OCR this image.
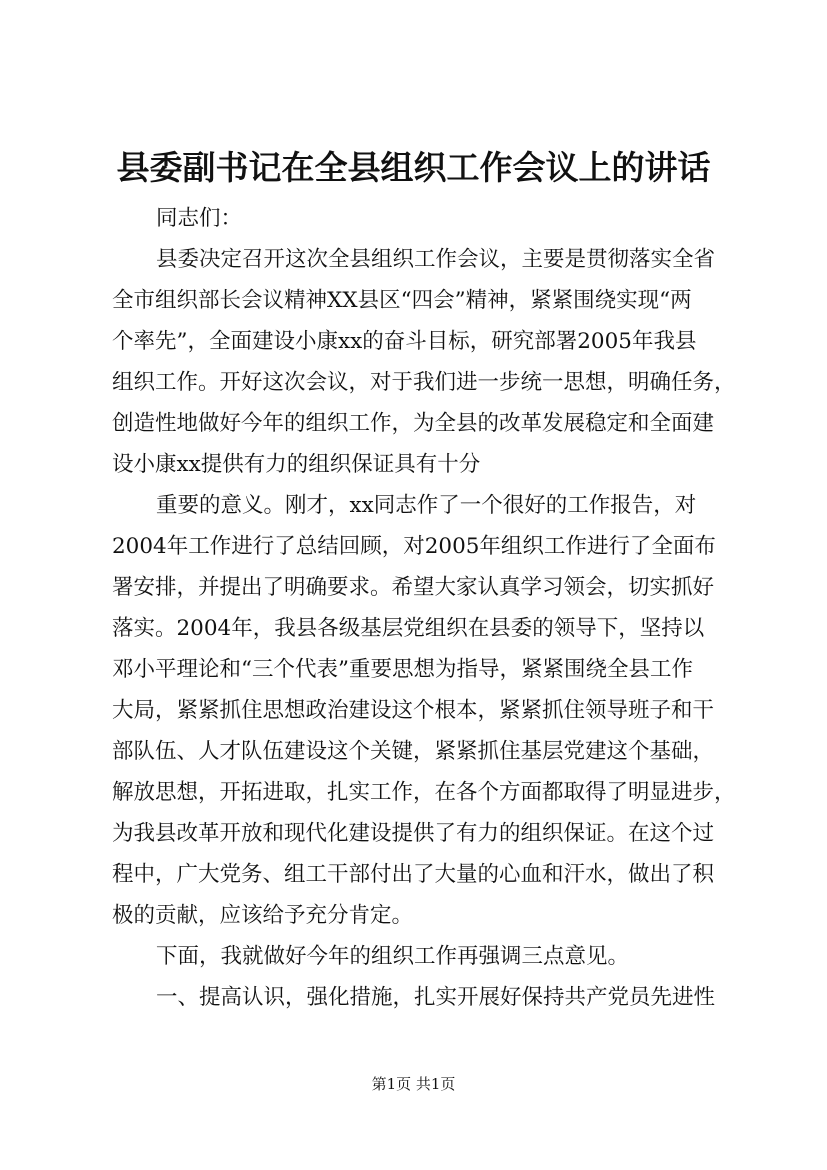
县委副书记在全县组织工作会议上的讲话
同志们：
县委决定召开这次全县组织工作会议，主要是贯彻落实全省
全市组织部长会议精神XX县区“四会”精神，紧紧围绕实现“两
个率先”，全面建设小康xx的奋斗目标，研究部署2005年我县
组织工作。开好这次会议，对于我们进一步统一思想，明确任务，
创造性地做好今年的组织工作，为全县的改革发展稳定和全面建
设小康xx提供有力的组织保证具有十分
重要的意义。刚才，xx同志作了一个很好的工作报告，对
2004年工作进行了总结回顾，对2005年组织工作进行了全面布
署安排，并提出了明确要求。希望大家认真学习领会，切实抓好
落实。2004年，我县各级基层党组织在县委的领导下，坚持以
邓小平理论和“三个代表”重要思想为指导，紧紧围绕全县工作
大局，紧紧抓住思想政治建设这个根本，紧紧抓住领导班子和干
部队伍、人才队伍建设这个关键，紧紧抓住基层党建这个基础，
解放思想，开拓进取，扎实工作，在各个方面都取得了明显进步，
为我县改革开放和现代化建设提供了有力的组织保证。在这个过
程中，广大党务、组工干部付出了大量的心血和汗水，做出了积
极的贡献，应该给予充分肯定。
下面，我就做好今年的组织工作再强调三点意见。
一、提高认识，强化措施，扎实开展好保持共产党员先进性
第1页 共1页
